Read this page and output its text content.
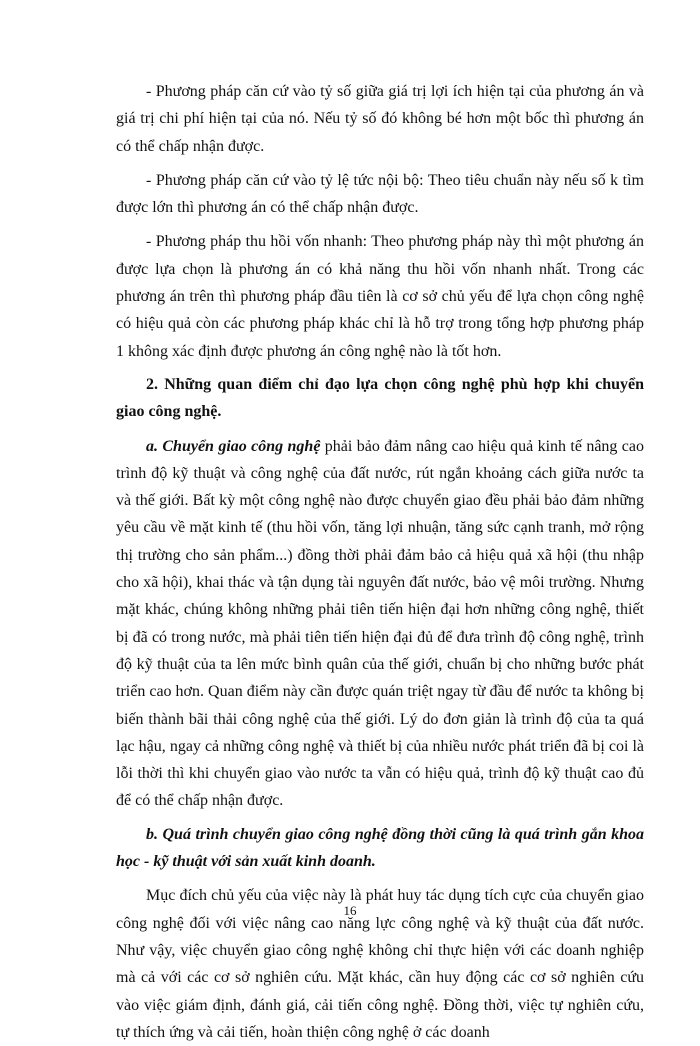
- Phương pháp căn cứ vào tỷ số giữa giá trị lợi ích hiện tại của phương án và giá trị chi phí hiện tại của nó. Nếu tỷ số đó không bé hơn một bốc thì phương án có thể chấp nhận được.

- Phương pháp căn cứ vào tỷ lệ tức nội bộ: Theo tiêu chuẩn này nếu số k tìm được lớn thì phương án có thể chấp nhận được.

- Phương pháp thu hồi vốn nhanh: Theo phương pháp này thì một phương án được lựa chọn là phương án có khả năng thu hồi vốn nhanh nhất. Trong các phương án trên thì phương pháp đầu tiên là cơ sở chủ yếu để lựa chọn công nghệ có hiệu quả còn các phương pháp khác chỉ là hỗ trợ trong tổng hợp phương pháp 1 không xác định được phương án công nghệ nào là tốt hơn.

2. Những quan điểm chỉ đạo lựa chọn công nghệ phù hợp khi chuyển giao công nghệ.

a. Chuyển giao công nghệ phải bảo đảm nâng cao hiệu quả kinh tế nâng cao trình độ kỹ thuật và công nghệ của đất nước, rút ngắn khoảng cách giữa nước ta và thế giới. Bất kỳ một công nghệ nào được chuyển giao đều phải bảo đảm những yêu cầu về mặt kinh tế (thu hồi vốn, tăng lợi nhuận, tăng sức cạnh tranh, mở rộng thị trường cho sản phẩm...) đồng thời phải đảm bảo cả hiệu quả xã hội (thu nhập cho xã hội), khai thác và tận dụng tài nguyên đất nước, bảo vệ môi trường. Nhưng mặt khác, chúng không những phải tiên tiến hiện đại hơn những công nghệ, thiết bị đã có trong nước, mà phải tiên tiến hiện đại đủ để đưa trình độ công nghệ, trình độ kỹ thuật của ta lên mức bình quân của thế giới, chuẩn bị cho những bước phát triển cao hơn. Quan điểm này cần được quán triệt ngay từ đầu để nước ta không bị biến thành bãi thải công nghệ của thế giới. Lý do đơn giản là trình độ của ta quá lạc hậu, ngay cả những công nghệ và thiết bị của nhiều nước phát triển đã bị coi là lỗi thời thì khi chuyển giao vào nước ta vẫn có hiệu quả, trình độ kỹ thuật cao đủ để có thể chấp nhận được.

b. Quá trình chuyển giao công nghệ đồng thời cũng là quá trình gắn khoa học - kỹ thuật với sản xuất kinh doanh.

Mục đích chủ yếu của việc này là phát huy tác dụng tích cực của chuyển giao công nghệ đối với việc nâng cao năng lực công nghệ và kỹ thuật của đất nước. Như vậy, việc chuyển giao công nghệ không chỉ thực hiện với các doanh nghiệp mà cả với các cơ sở nghiên cứu. Mặt khác, cần huy động các cơ sở nghiên cứu vào việc giám định, đánh giá, cải tiến công nghệ. Đồng thời, việc tự nghiên cứu, tự thích ứng và cải tiến, hoàn thiện công nghệ ở các doanh

16
